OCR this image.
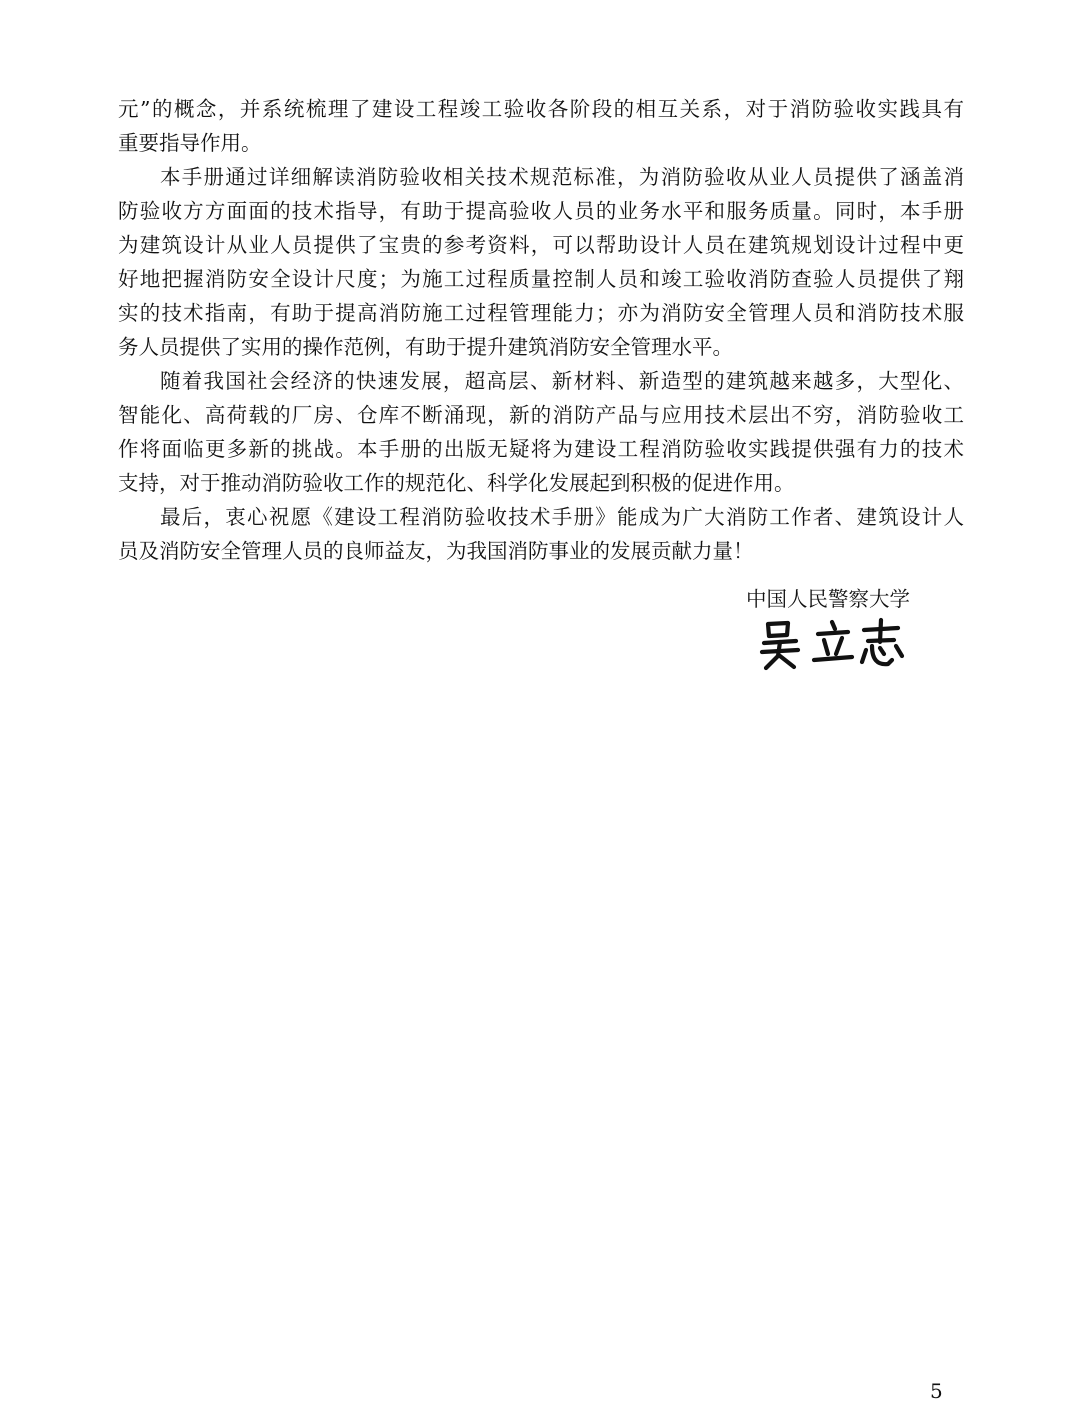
元”的概念，并系统梳理了建设工程竣工验收各阶段的相互关系，对于消防验收实践具有
重要指导作用。
本手册通过详细解读消防验收相关技术规范标准，为消防验收从业人员提供了涵盖消
防验收方方面面的技术指导，有助于提高验收人员的业务水平和服务质量。同时，本手册
为建筑设计从业人员提供了宝贵的参考资料，可以帮助设计人员在建筑规划设计过程中更
好地把握消防安全设计尺度；为施工过程质量控制人员和竣工验收消防查验人员提供了翔
实的技术指南，有助于提高消防施工过程管理能力；亦为消防安全管理人员和消防技术服
务人员提供了实用的操作范例，有助于提升建筑消防安全管理水平。
随着我国社会经济的快速发展，超高层、新材料、新造型的建筑越来越多，大型化、
智能化、高荷载的厂房、仓库不断涌现，新的消防产品与应用技术层出不穷，消防验收工
作将面临更多新的挑战。本手册的出版无疑将为建设工程消防验收实践提供强有力的技术
支持，对于推动消防验收工作的规范化、科学化发展起到积极的促进作用。
最后，衷心祝愿《建设工程消防验收技术手册》能成为广大消防工作者、建筑设计人
员及消防安全管理人员的良师益友，为我国消防事业的发展贡献力量！
中国人民警察大学
5
